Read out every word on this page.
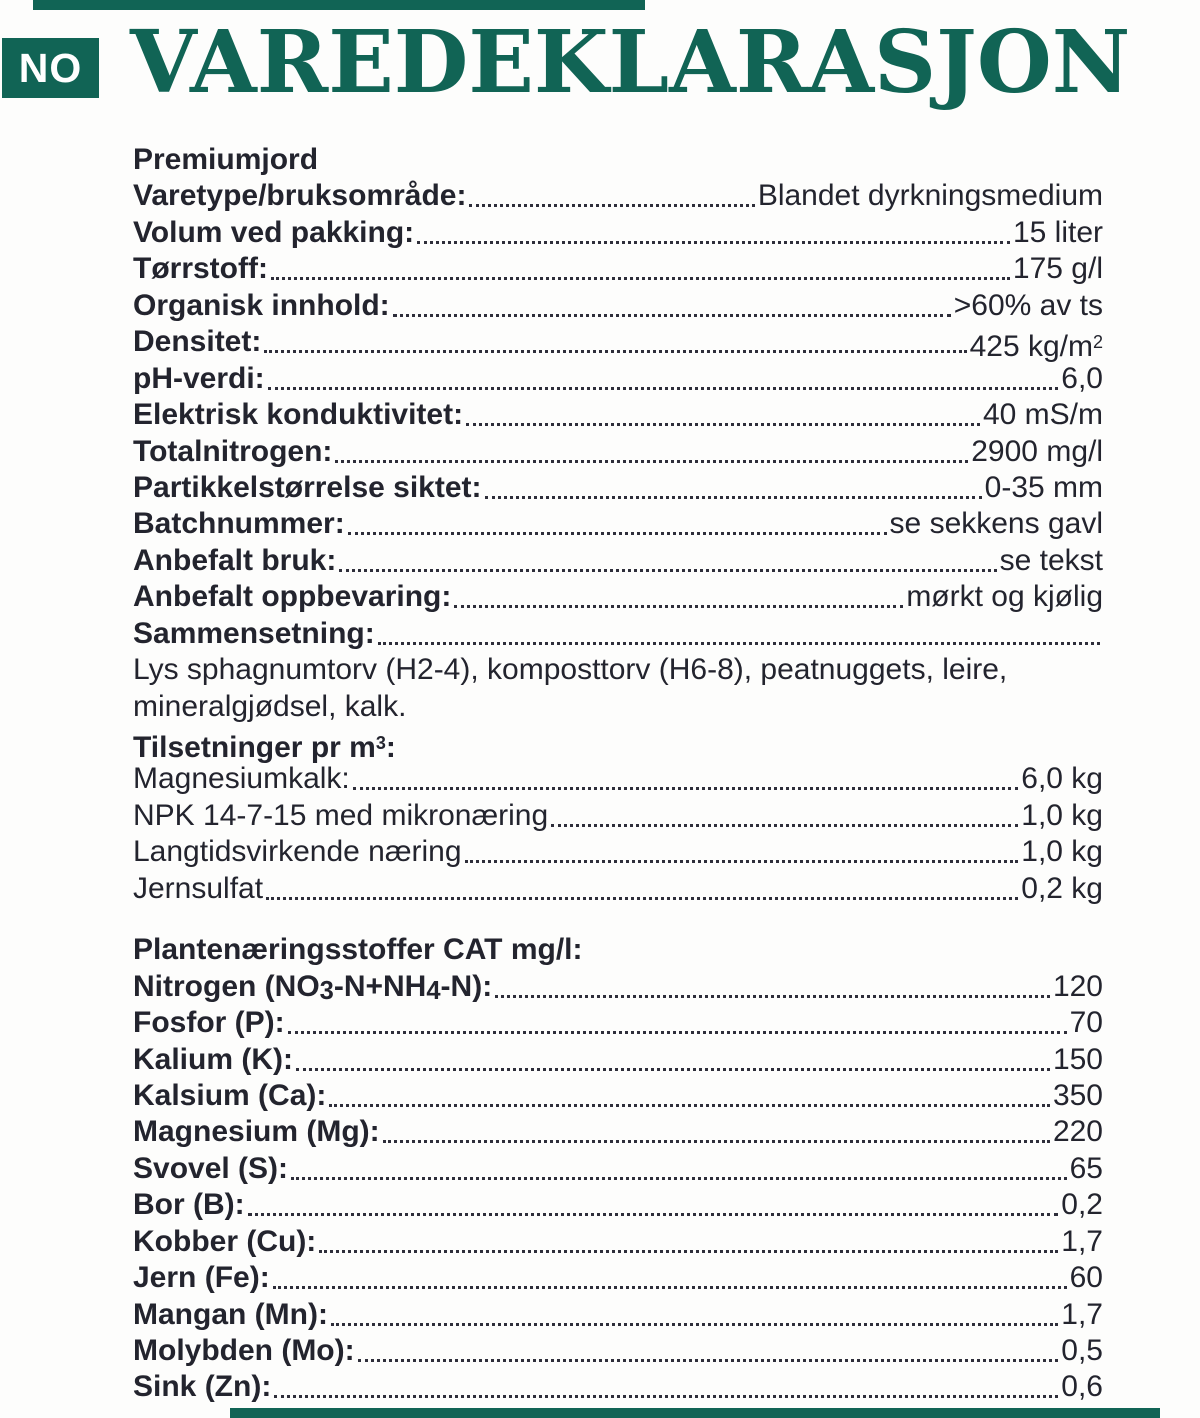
NO VAREDEKLARASJON
Premiumjord
Varetype/bruksområde:	Blandet dyrkningsmedium
Volum ved pakking:	15 liter
Tørrstoff:	175 g/l
Organisk innhold:	>60% av ts
Densitet:	425 $kg/m^2$
pH-verdi:	6,0
Elektrisk konduktivitet:	40 mS/m
Totalnitrogen:	2900 mg/l
Partikkelstørrelse siktet:	0-35 mm
Batchnummer:	se sekkens gavl
Anbefalt bruk:	se tekst
Anbefalt oppbevaring:	mørkt og kjølig
Sammensetning:
Lys sphagnumtorv (H2-4), komposttorv (H6-8), peatnuggets, leire,
mineralgjødsel, kalk.
Tilsetninger pr $m^3$:
Magnesiumkalk:	6,0 kg
NPK 14-7-15 med mikronæring	1,0 kg
Langtidsvirkende næring	1,0 kg
Jernsulfat	0,2 kg
Plantenæringsstoffer CAT mg/l:
Nitrogen (NO3-N+NH4-N):	120
Fosfor (P):	70
Kalium (K):	150
Kalsium (Ca):	350
Magnesium (Mg):	220
Svovel (S):	65
Bor (B):	0,2
Kobber (Cu):	1,7
Jern (Fe):	60
Mangan (Mn):	1,7
Molybden (Mo):	0,5
Sink (Zn):	0,6
